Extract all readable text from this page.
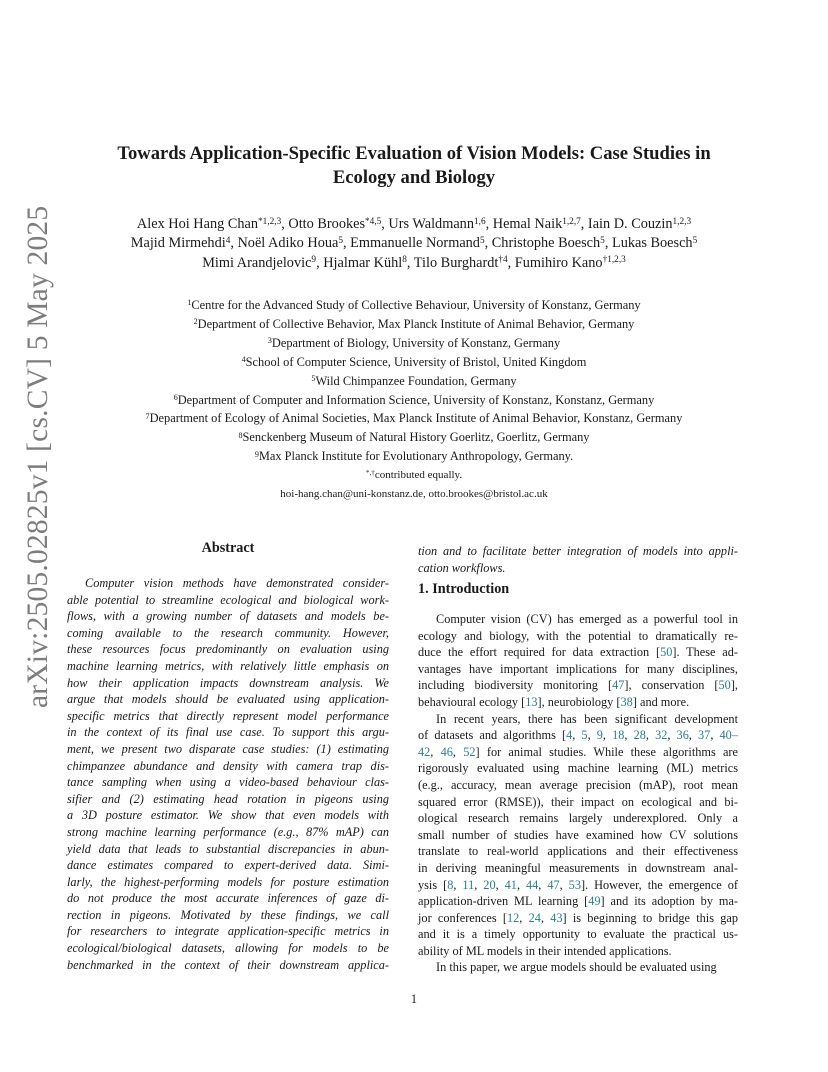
arXiv:2505.02825v1 [cs.CV] 5 May 2025
Towards Application-Specific Evaluation of Vision Models: Case Studies in
Ecology and Biology
Alex Hoi Hang Chan$^{*1,2,3}$, Otto Brookes$^{*4,5}$, Urs Waldmann$^{1,6}$, Hemal Naik$^{1,2,7}$, Iain D. Couzin$^{1,2,3}$
Majid Mirmehdi$^4$, Noël Adiko Houa$^5$, Emmanuelle Normand$^5$, Christophe Boesch$^5$, Lukas Boesch$^5$
Mimi Arandjelovic$^9$, Hjalmar Kühl$^8$, Tilo Burghardt$^{\dagger 4}$, Fumihiro Kano$^{\dagger 1,2,3}$
$^1$Centre for the Advanced Study of Collective Behaviour, University of Konstanz, Germany
$^2$Department of Collective Behavior, Max Planck Institute of Animal Behavior, Germany
$^3$Department of Biology, University of Konstanz, Germany
$^4$School of Computer Science, University of Bristol, United Kingdom
$^5$Wild Chimpanzee Foundation, Germany
$^6$Department of Computer and Information Science, University of Konstanz, Konstanz, Germany
$^7$Department of Ecology of Animal Societies, Max Planck Institute of Animal Behavior, Konstanz, Germany
$^8$Senckenberg Museum of Natural History Goerlitz, Goerlitz, Germany
$^9$Max Planck Institute for Evolutionary Anthropology, Germany.
*,†contributed equally.
hoi-hang.chan@uni-konstanz.de, otto.brookes@bristol.ac.uk
Abstract
Computer vision methods have demonstrated consider-
able potential to streamline ecological and biological work-
flows, with a growing number of datasets and models be-
coming available to the research community. However,
these resources focus predominantly on evaluation using
machine learning metrics, with relatively little emphasis on
how their application impacts downstream analysis. We
argue that models should be evaluated using application-
specific metrics that directly represent model performance
in the context of its final use case. To support this argu-
ment, we present two disparate case studies: (1) estimating
chimpanzee abundance and density with camera trap dis-
tance sampling when using a video-based behaviour clas-
sifier and (2) estimating head rotation in pigeons using
a 3D posture estimator. We show that even models with
strong machine learning performance (e.g., 87% mAP) can
yield data that leads to substantial discrepancies in abun-
dance estimates compared to expert-derived data. Simi-
larly, the highest-performing models for posture estimation
do not produce the most accurate inferences of gaze di-
rection in pigeons. Motivated by these findings, we call
for researchers to integrate application-specific metrics in
ecological/biological datasets, allowing for models to be
benchmarked in the context of their downstream applica-
tion and to facilitate better integration of models into appli-
cation workflows.
1. Introduction
Computer vision (CV) has emerged as a powerful tool in
ecology and biology, with the potential to dramatically re-
duce the effort required for data extraction [50]. These ad-
vantages have important implications for many disciplines,
including biodiversity monitoring [47], conservation [50],
behavioural ecology [13], neurobiology [38] and more.
In recent years, there has been significant development
of datasets and algorithms [4, 5, 9, 18, 28, 32, 36, 37, 40–
42, 46, 52] for animal studies. While these algorithms are
rigorously evaluated using machine learning (ML) metrics
(e.g., accuracy, mean average precision (mAP), root mean
squared error (RMSE)), their impact on ecological and bi-
ological research remains largely underexplored. Only a
small number of studies have examined how CV solutions
translate to real-world applications and their effectiveness
in deriving meaningful measurements in downstream anal-
ysis [8, 11, 20, 41, 44, 47, 53]. However, the emergence of
application-driven ML learning [49] and its adoption by ma-
jor conferences [12, 24, 43] is beginning to bridge this gap
and it is a timely opportunity to evaluate the practical us-
ability of ML models in their intended applications.
In this paper, we argue models should be evaluated using
1
